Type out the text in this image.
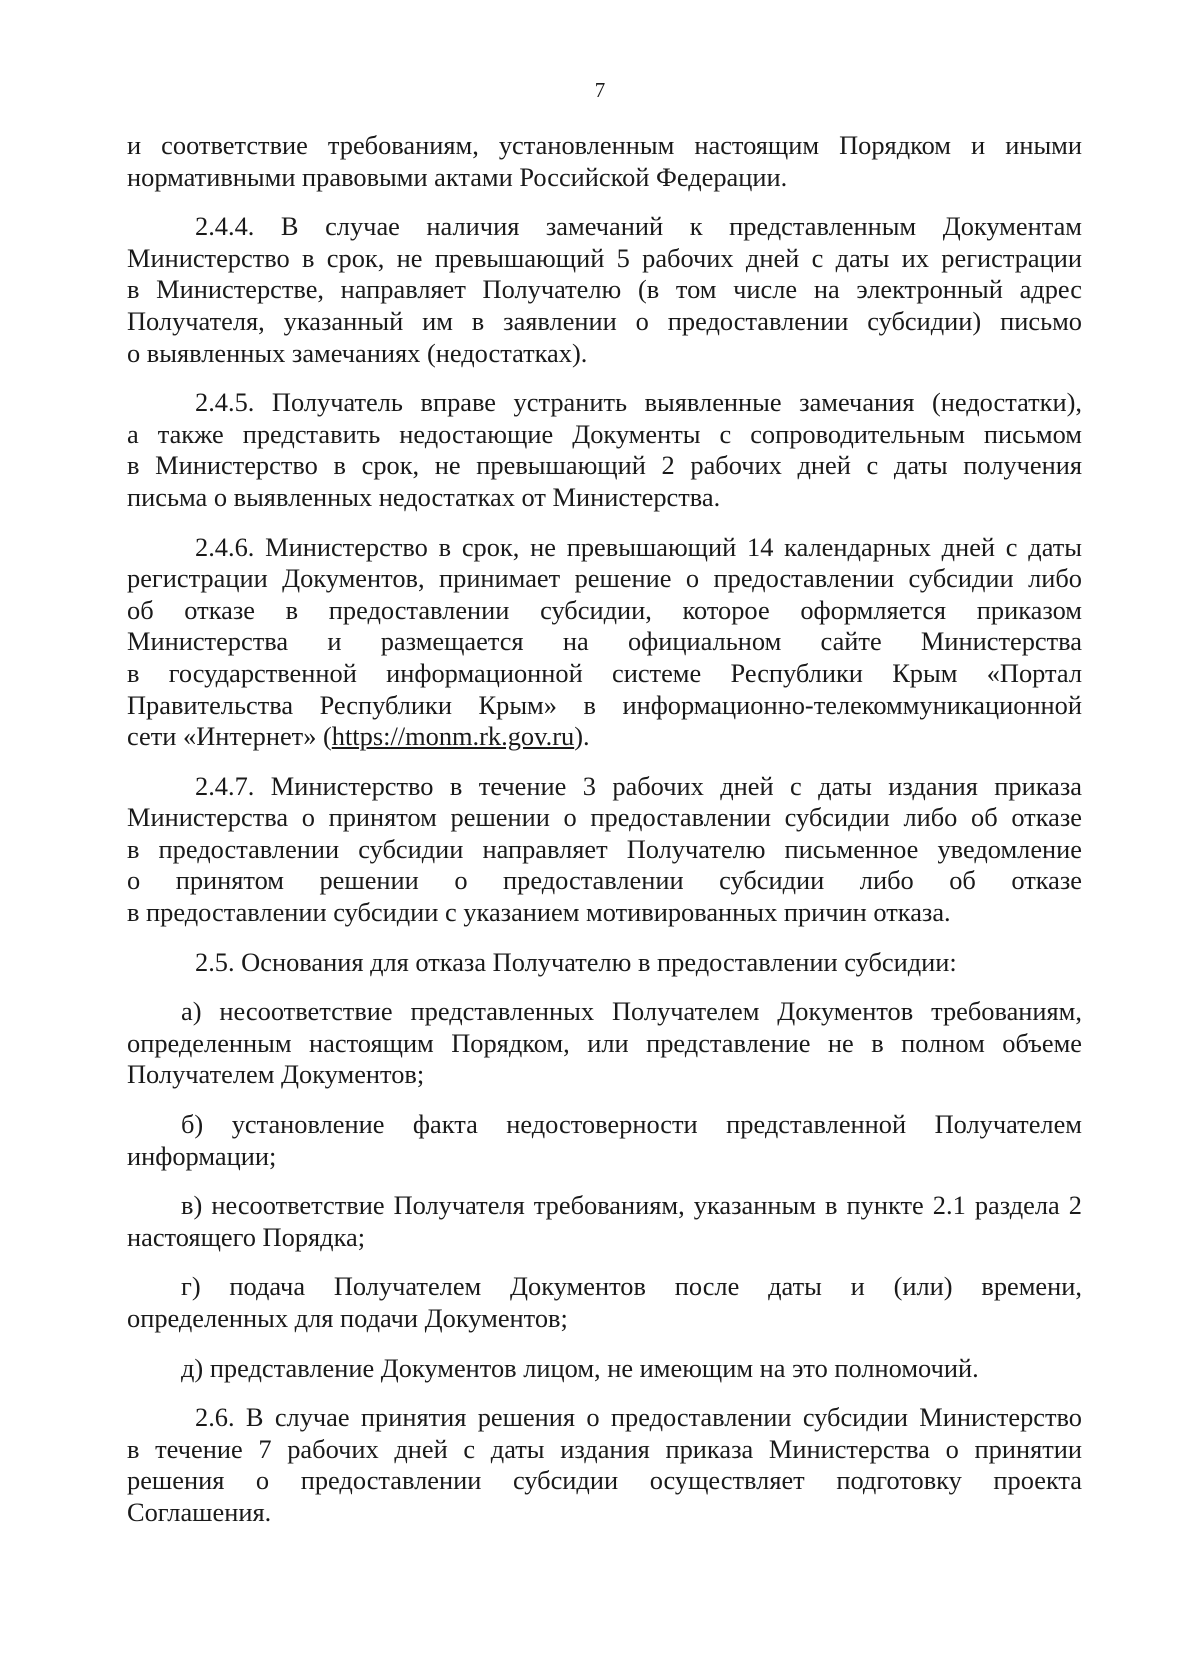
7

и соответствие требованиям, установленным настоящим Порядком и иными
нормативными правовыми актами Российской Федерации.

2.4.4. В случае наличия замечаний к представленным Документам
Министерство в срок, не превышающий 5 рабочих дней с даты их регистрации
в Министерстве, направляет Получателю (в том числе на электронный адрес
Получателя, указанный им в заявлении о предоставлении субсидии) письмо
о выявленных замечаниях (недостатках).

2.4.5. Получатель вправе устранить выявленные замечания (недостатки),
а также представить недостающие Документы с сопроводительным письмом
в Министерство в срок, не превышающий 2 рабочих дней с даты получения
письма о выявленных недостатках от Министерства.

2.4.6. Министерство в срок, не превышающий 14 календарных дней с даты
регистрации Документов, принимает решение о предоставлении субсидии либо
об отказе в предоставлении субсидии, которое оформляется приказом
Министерства и размещается на официальном сайте Министерства
в государственной информационной системе Республики Крым «Портал
Правительства Республики Крым» в информационно-телекоммуникационной
сети «Интернет» (https://monm.rk.gov.ru).

2.4.7. Министерство в течение 3 рабочих дней с даты издания приказа
Министерства о принятом решении о предоставлении субсидии либо об отказе
в предоставлении субсидии направляет Получателю письменное уведомление
о принятом решении о предоставлении субсидии либо об отказе
в предоставлении субсидии с указанием мотивированных причин отказа.

2.5. Основания для отказа Получателю в предоставлении субсидии:

а) несоответствие представленных Получателем Документов требованиям,
определенным настоящим Порядком, или представление не в полном объеме
Получателем Документов;

б) установление факта недостоверности представленной Получателем
информации;

в) несоответствие Получателя требованиям, указанным в пункте 2.1 раздела 2
настоящего Порядка;

г) подача Получателем Документов после даты и (или) времени,
определенных для подачи Документов;

д) представление Документов лицом, не имеющим на это полномочий.

2.6. В случае принятия решения о предоставлении субсидии Министерство
в течение 7 рабочих дней с даты издания приказа Министерства о принятии
решения о предоставлении субсидии осуществляет подготовку проекта
Соглашения.
